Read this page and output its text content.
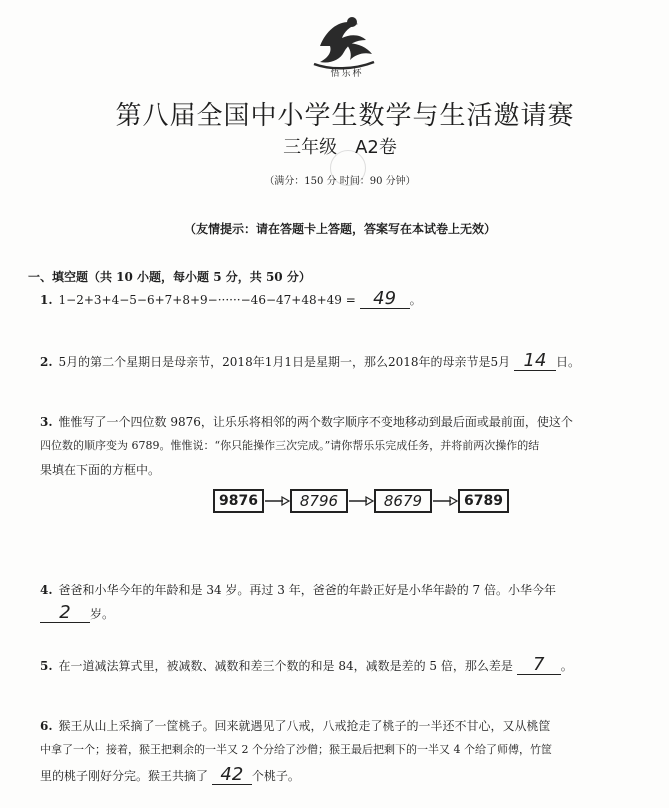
悟乐杯
第八届全国中小学生数学与生活邀请赛
三年级 A2卷
（满分：150 分 时间：90 分钟）
（友情提示：请在答题卡上答题，答案写在本试卷上无效）
一、填空题（共 10 小题，每小题 5 分，共 50 分）
1. 1−2+3+4−5−6+7+8+9−······−46−47+48+49 = 49 。
2. 5月的第二个星期日是母亲节，2018年1月1日是星期一，那么2018年的母亲节是5月 14 日。
3. 惟惟写了一个四位数 9876，让乐乐将相邻的两个数字顺序不变地移动到最后面或最前面，使这个
四位数的顺序变为 6789。惟惟说：“你只能操作三次完成。”请你帮乐乐完成任务，并将前两次操作的结
果填在下面的方框中。
9876	8796	8679	6789
4. 爸爸和小华今年的年龄和是 34 岁。再过 3 年，爸爸的年龄正好是小华年龄的 7 倍。小华今年
2 岁。
5. 在一道减法算式里，被减数、减数和差三个数的和是 84，减数是差的 5 倍，那么差是 7 。
6. 猴王从山上采摘了一筐桃子。回来就遇见了八戒，八戒抢走了桃子的一半还不甘心，又从桃筐
中拿了一个；接着，猴王把剩余的一半又 2 个分给了沙僧；猴王最后把剩下的一半又 4 个给了师傅，竹筐
里的桃子刚好分完。猴王共摘了 42 个桃子。
